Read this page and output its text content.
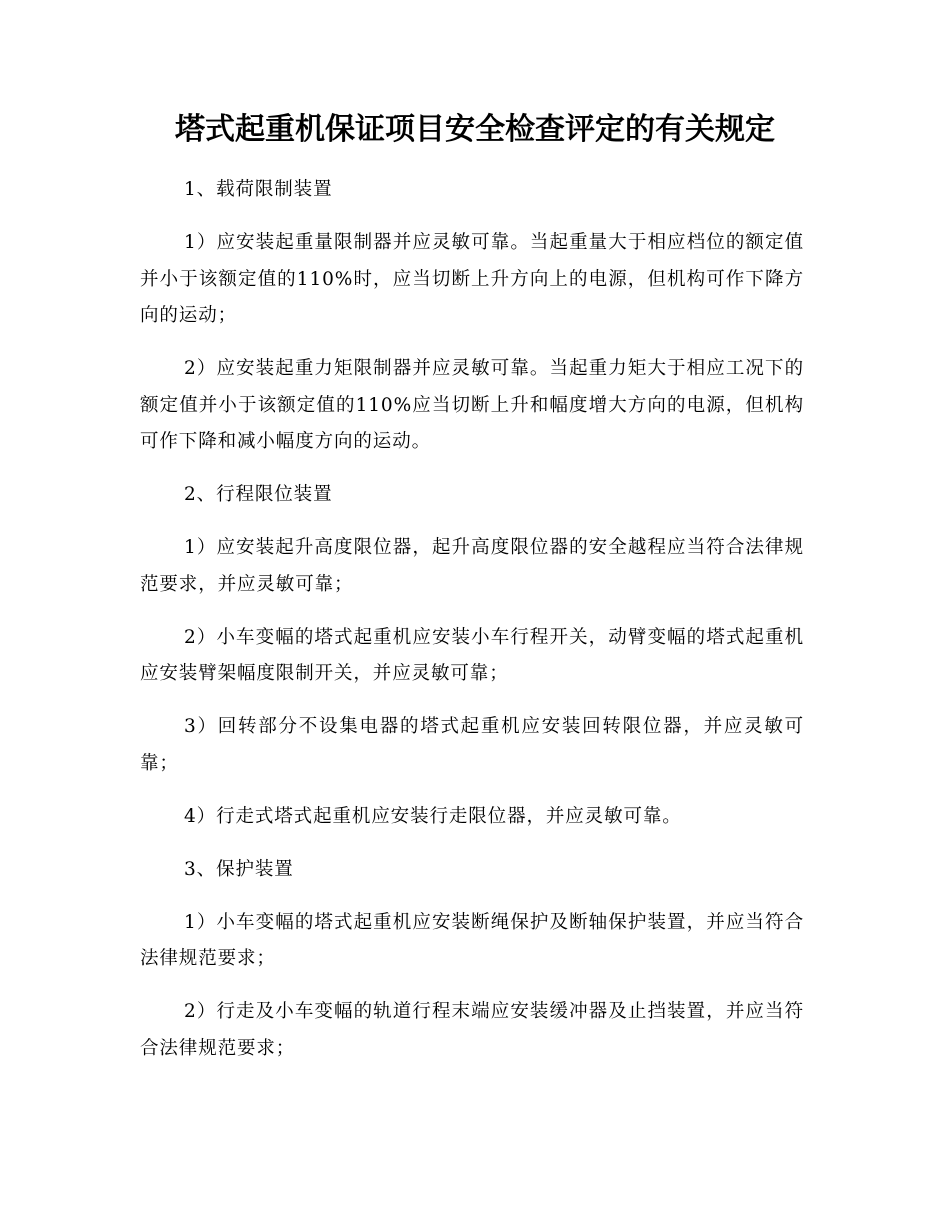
塔式起重机保证项目安全检查评定的有关规定

1、载荷限制装置

1）应安装起重量限制器并应灵敏可靠。当起重量大于相应档位的额定值并小于该额定值的110%时，应当切断上升方向上的电源，但机构可作下降方向的运动；

2）应安装起重力矩限制器并应灵敏可靠。当起重力矩大于相应工况下的额定值并小于该额定值的110%应当切断上升和幅度增大方向的电源，但机构可作下降和减小幅度方向的运动。

2、行程限位装置

1）应安装起升高度限位器，起升高度限位器的安全越程应当符合法律规范要求，并应灵敏可靠；

2）小车变幅的塔式起重机应安装小车行程开关，动臂变幅的塔式起重机应安装臂架幅度限制开关，并应灵敏可靠；

3）回转部分不设集电器的塔式起重机应安装回转限位器，并应灵敏可靠；

4）行走式塔式起重机应安装行走限位器，并应灵敏可靠。

3、保护装置

1）小车变幅的塔式起重机应安装断绳保护及断轴保护装置，并应当符合法律规范要求；

2）行走及小车变幅的轨道行程末端应安装缓冲器及止挡装置，并应当符合法律规范要求；
